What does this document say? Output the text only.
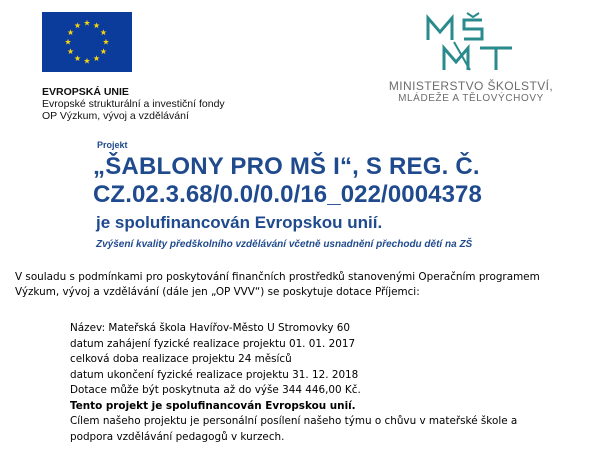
EVROPSKÁ UNIE
Evropské strukturální a investiční fondy
OP Výzkum, vývoj a vzdělávání
MINISTERSTVO ŠKOLSTVÍ,
MLÁDEŽE A TĚLOVÝCHOVY
Projekt
„ŠABLONY PRO MŠ I“, S REG. Č.
CZ.02.3.68/0.0/0.0/16_022/0004378
je spolufinancován Evropskou unií.
Zvýšení kvality předškolního vzdělávání včetně usnadnění přechodu dětí na ZŠ
V souladu s podmínkami pro poskytování finančních prostředků stanovenými Operačním programem
Výzkum, vývoj a vzdělávání (dále jen „OP VVV“) se poskytuje dotace Příjemci:
Název: Mateřská škola Havířov-Město U Stromovky 60
datum zahájení fyzické realizace projektu 01. 01. 2017
celková doba realizace projektu 24 měsíců
datum ukončení fyzické realizace projektu 31. 12. 2018
Dotace může být poskytnuta až do výše 344 446,00 Kč.
Tento projekt je spolufinancován Evropskou unií.
Cílem našeho projektu je personální posílení našeho týmu o chůvu v mateřské škole a
podpora vzdělávání pedagogů v kurzech.
